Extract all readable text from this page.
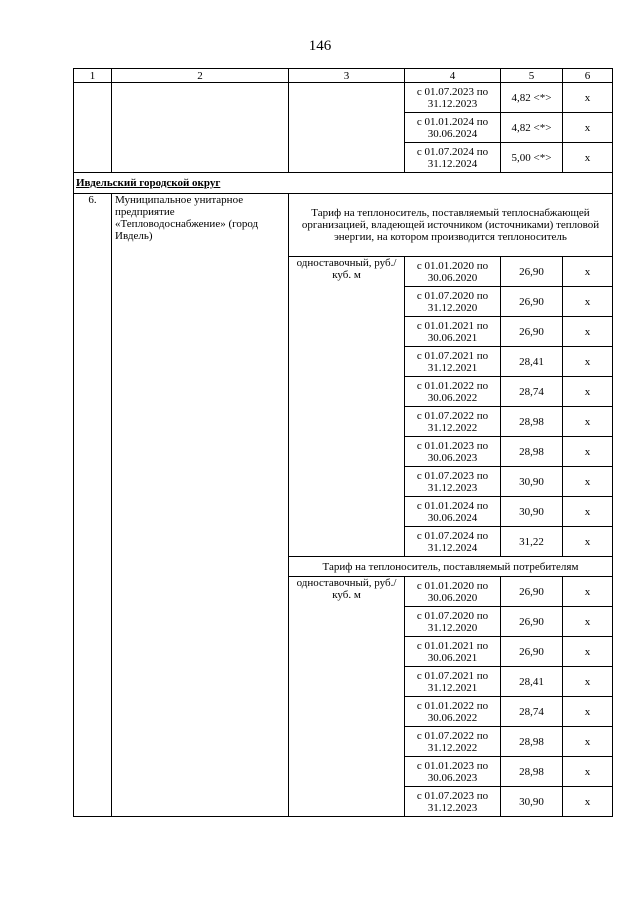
146
1	2	3	4	5	6
			с 01.07.2023 по
31.12.2023	4,82 <*>	х
			с 01.01.2024 по
30.06.2024	4,82 <*>	х
			с 01.07.2024 по
31.12.2024	5,00 <*>	х
Ивдельский городской округ					
6.	Муниципальное унитарное предприятие «Тепловодоснабжение» (город Ивдель)	Тариф на теплоноситель, поставляемый теплоснабжающей организацией, владеющей источником (источниками) тепловой энергии, на котором производится теплоноситель			
		одноставочный, руб./куб. м	с 01.01.2020 по
30.06.2020	26,90	х
			с 01.07.2020 по
31.12.2020	26,90	х
			с 01.01.2021 по
30.06.2021	26,90	х
			с 01.07.2021 по
31.12.2021	28,41	х
			с 01.01.2022 по
30.06.2022	28,74	х
			с 01.07.2022 по
31.12.2022	28,98	х
			с 01.01.2023 по
30.06.2023	28,98	х
			с 01.07.2023 по
31.12.2023	30,90	х
			с 01.01.2024 по
30.06.2024	30,90	х
			с 01.07.2024 по
31.12.2024	31,22	х
		Тариф на теплоноситель, поставляемый потребителям			
		одноставочный, руб./куб. м	с 01.01.2020 по
30.06.2020	26,90	х
			с 01.07.2020 по
31.12.2020	26,90	х
			с 01.01.2021 по
30.06.2021	26,90	х
			с 01.07.2021 по
31.12.2021	28,41	х
			с 01.01.2022 по
30.06.2022	28,74	х
			с 01.07.2022 по
31.12.2022	28,98	х
			с 01.01.2023 по
30.06.2023	28,98	х
			с 01.07.2023 по
31.12.2023	30,90	х
